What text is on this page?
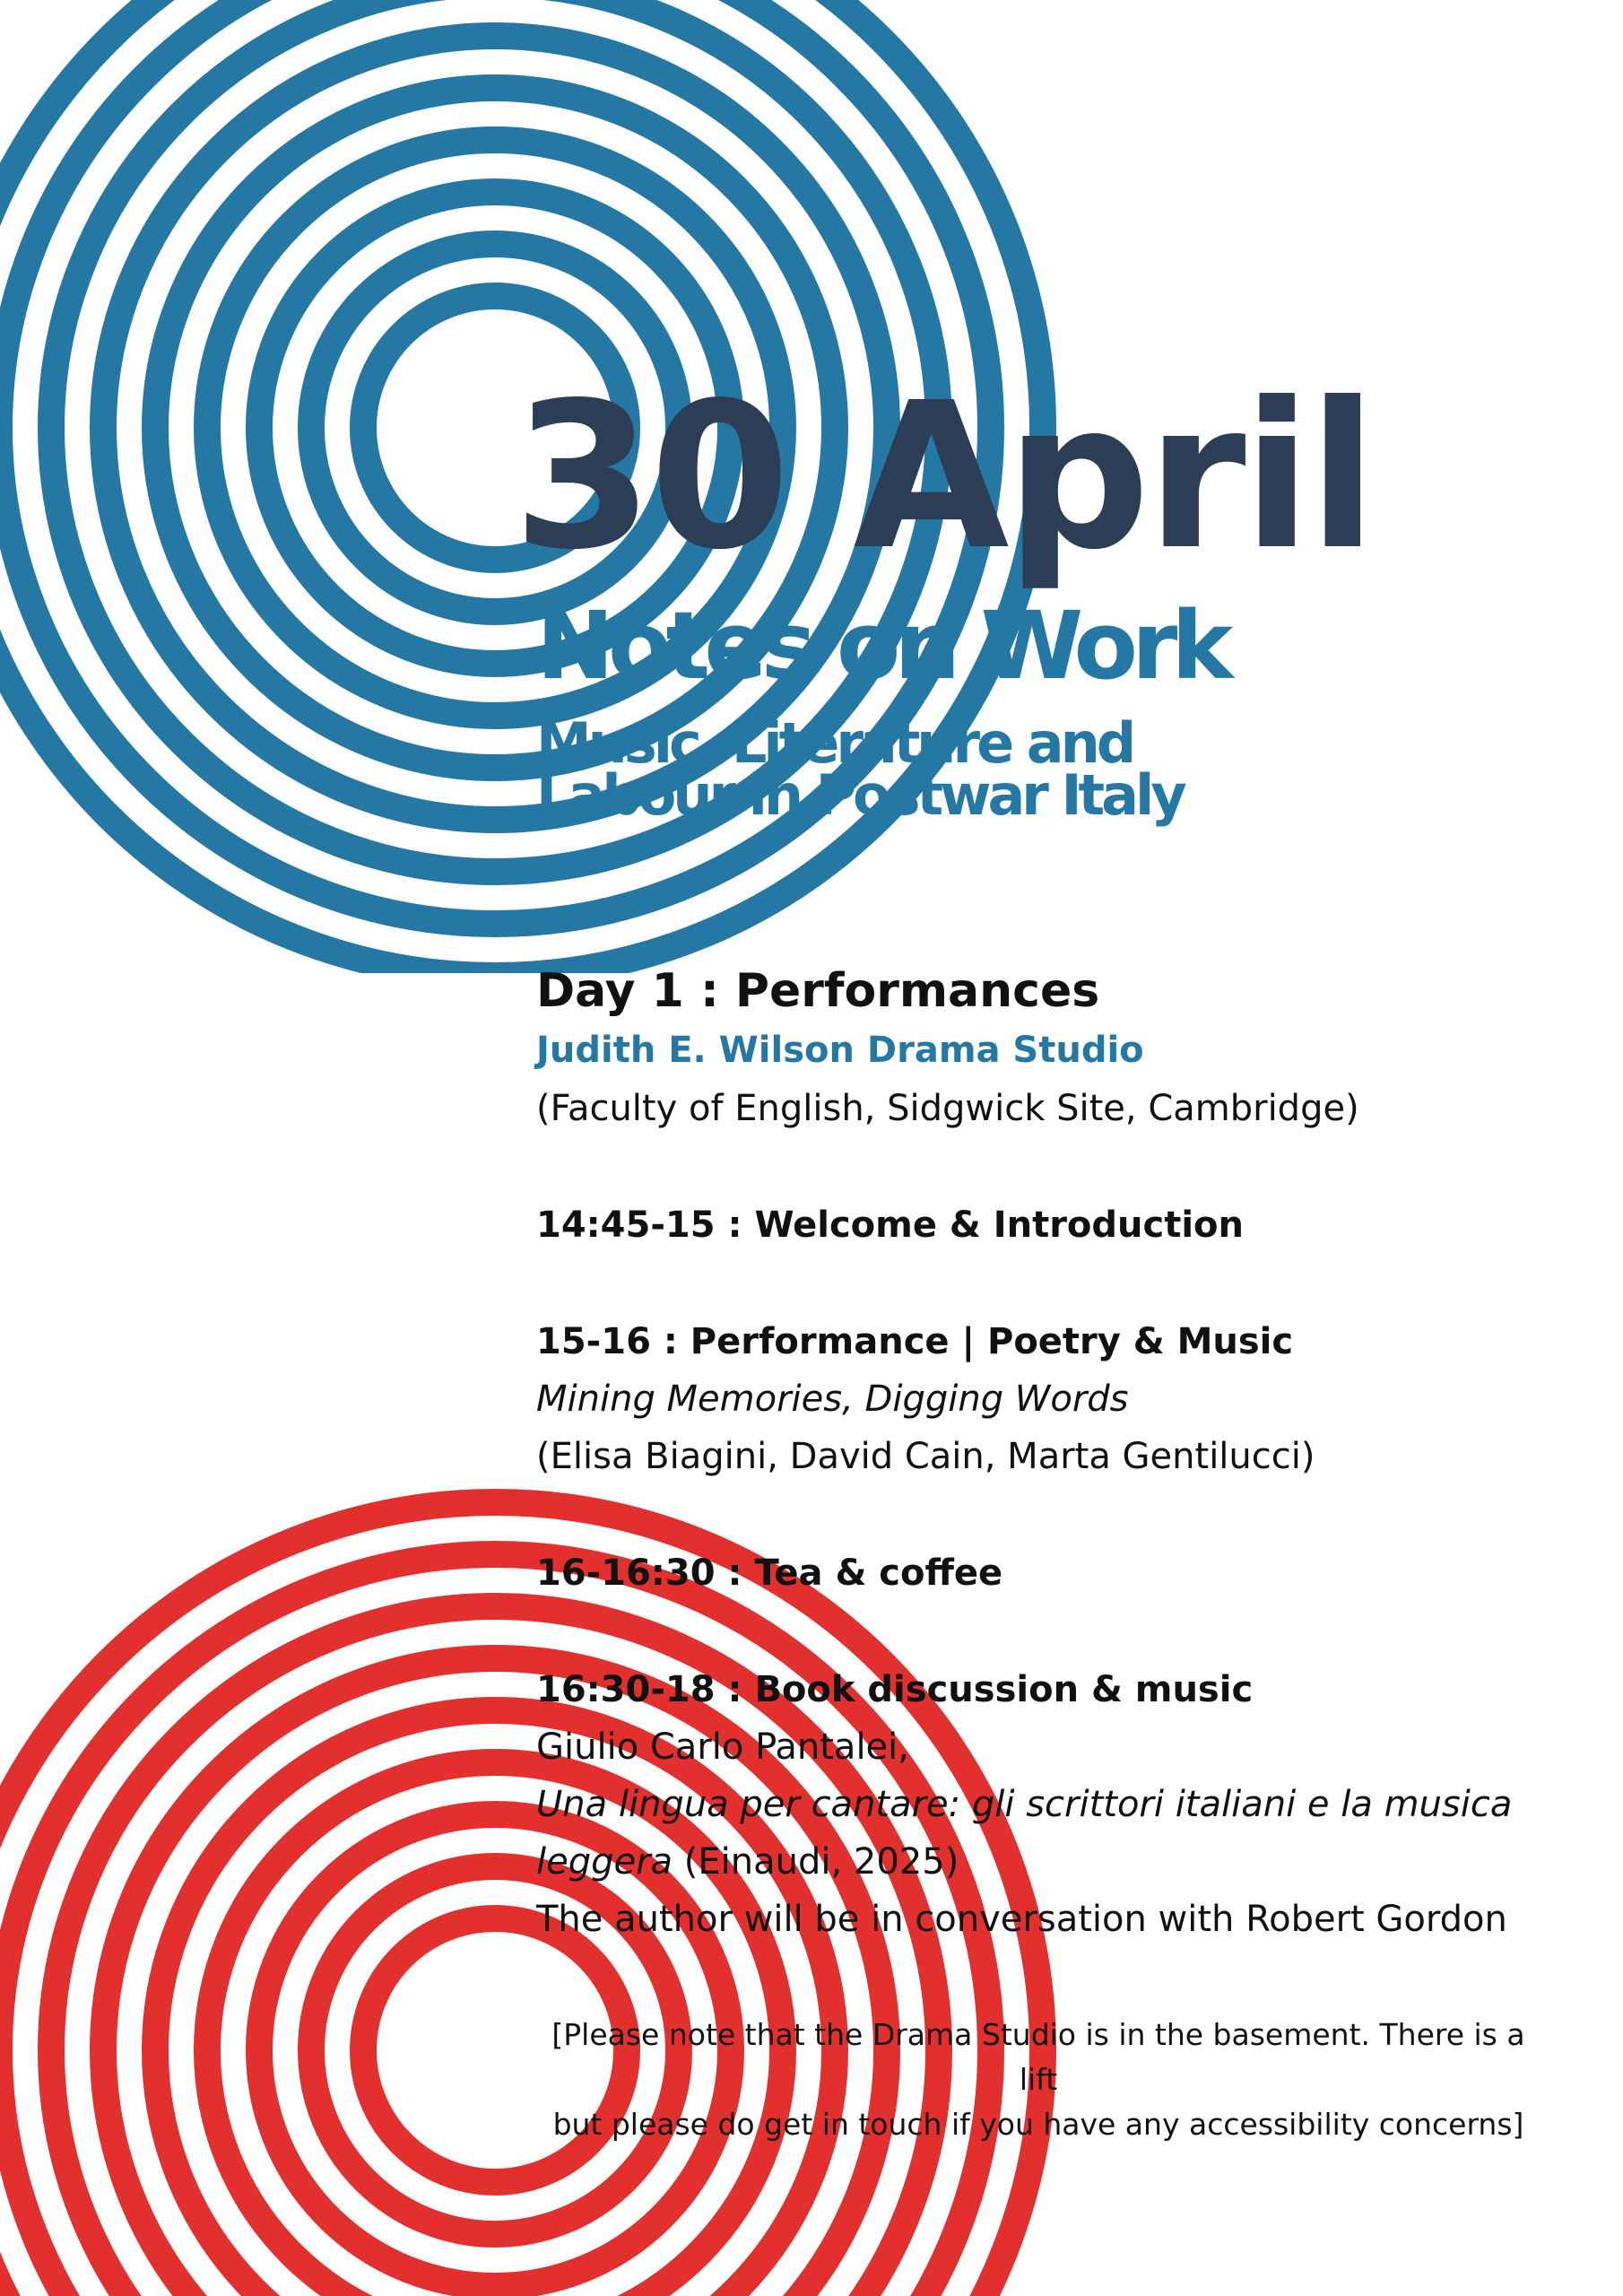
30 April
Notes on Work
Music, Literature and
Labour in Postwar Italy

Day 1 : Performances

Judith E. Wilson Drama Studio

(Faculty of English, Sidgwick Site, Cambridge)

14:45-15 : Welcome & Introduction

15-16 : Performance | Poetry & Music

Mining Memories, Digging Words

(Elisa Biagini, David Cain, Marta Gentilucci)

16-16:30 : Tea & coffee

16:30-18 : Book discussion & music

Giulio Carlo Pantalei,

Una lingua per cantare: gli scrittori italiani e la musica

leggera (Einaudi, 2025)

The author will be in conversation with Robert Gordon

[Please note that the Drama Studio is in the basement. There is a lift
but please do get in touch if you have any accessibility concerns]
